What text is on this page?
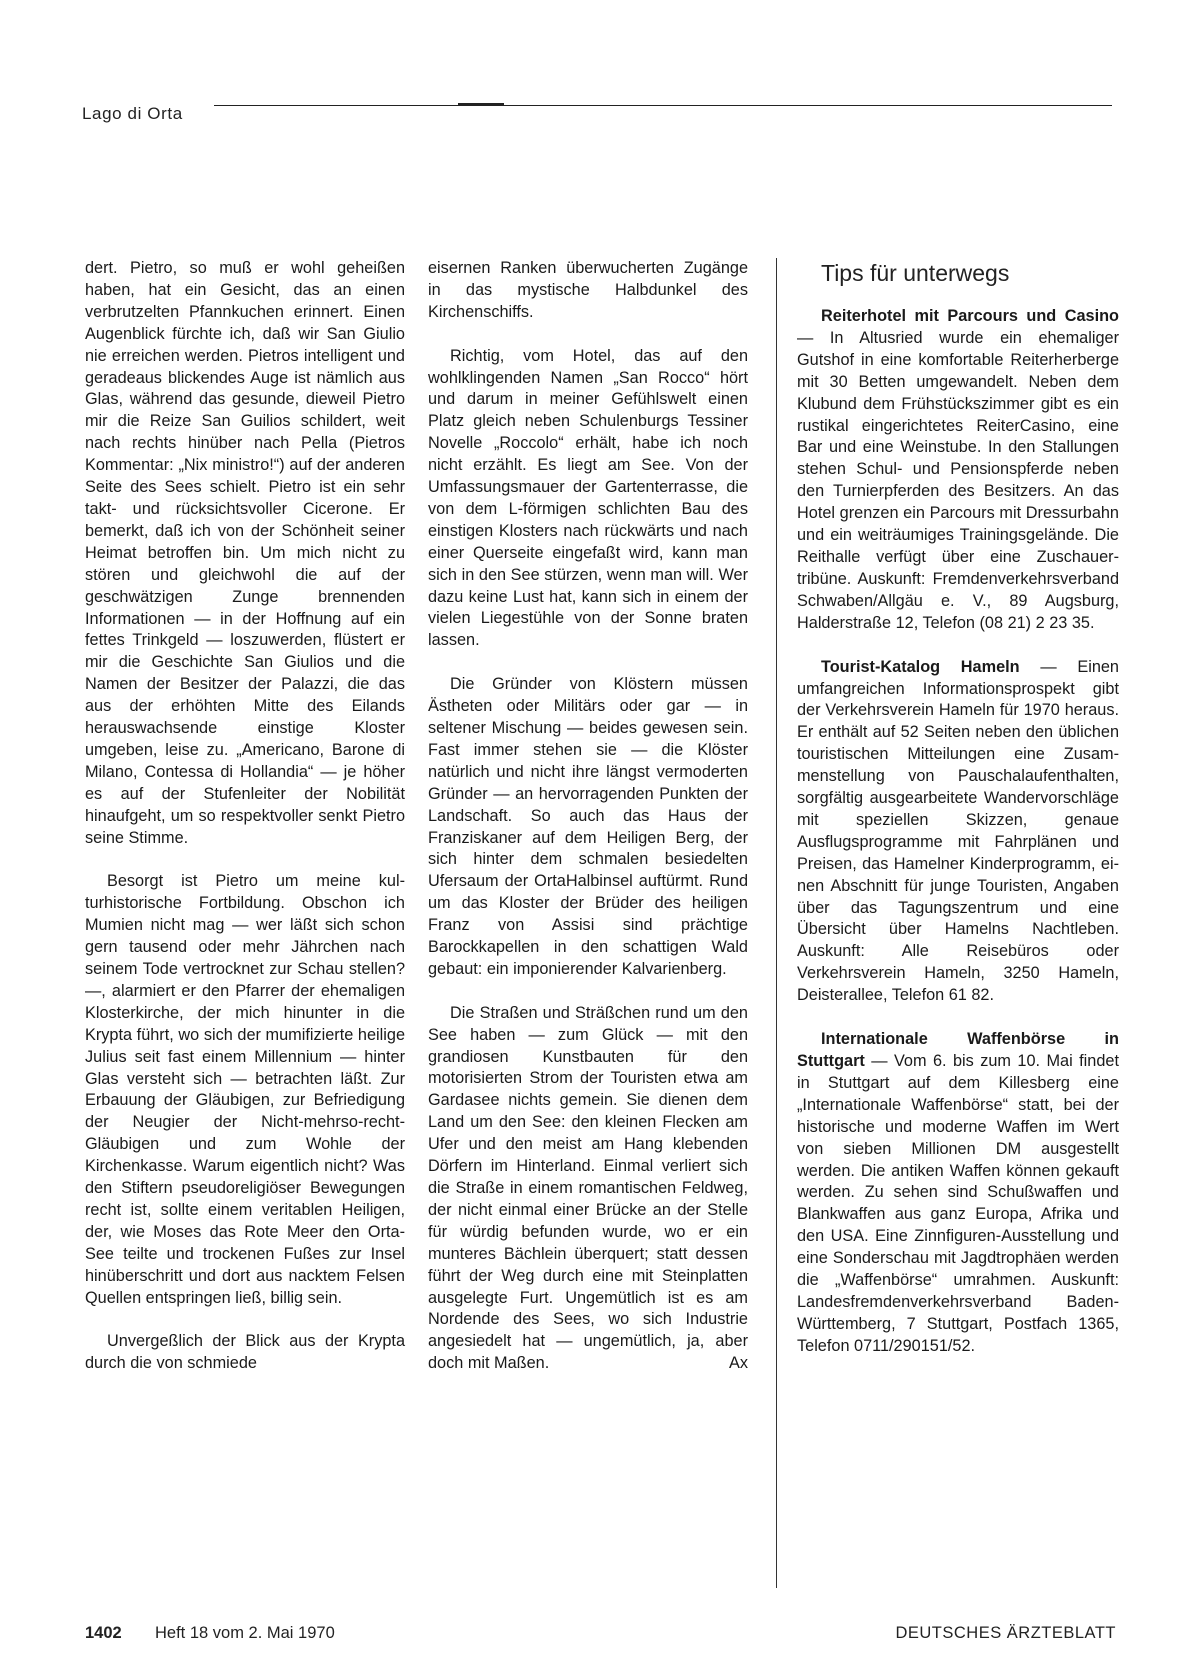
Lago di Orta

dert. Pietro, so muß er wohl geheißen haben, hat ein Gesicht, das an einen verbrutzelten Pfannkuchen erinnert. Einen Augenblick fürchte ich, daß wir San Giulio nie erreichen werden. Pietros intelligent und geradeaus blickendes Auge ist nämlich aus Glas, während das gesunde, dieweil Pietro mir die Reize San Guilios schildert, weit nach rechts hinüber nach Pella (Pietros Kommentar: „Nix ministro!“) auf der anderen Seite des Sees schielt. Pietro ist ein sehr takt- und rücksichtsvoller Cicerone. Er bemerkt, daß ich von der Schönheit seiner Heimat betroffen bin. Um mich nicht zu stören und gleichwohl die auf der geschwätzigen Zunge brennenden Informationen — in der Hoffnung auf ein fettes Trinkgeld — loszuwerden, flüstert er mir die Geschichte San Giulios und die Namen der Besitzer der Palazzi, die das aus der erhöhten Mitte des Eilands herauswachsende einstige Kloster umgeben, leise zu. „Americano, Barone di Milano, Contessa di Hollandia“ — je höher es auf der Stufenleiter der Nobilität hinaufgeht, um so respektvoller senkt Pietro seine Stimme.

Besorgt ist Pietro um meine kulturhistorische Fortbildung. Obschon ich Mumien nicht mag — wer läßt sich schon gern tausend oder mehr Jährchen nach seinem Tode vertrocknet zur Schau stellen? —, alarmiert er den Pfarrer der ehemaligen Klosterkirche, der mich hinunter in die Krypta führt, wo sich der mumifizierte heilige Julius seit fast einem Millennium — hinter Glas versteht sich — betrachten läßt. Zur Erbauung der Gläubigen, zur Befriedigung der Neugier der Nicht-mehrso-recht-Gläubigen und zum Wohle der Kirchenkasse. Warum eigentlich nicht? Was den Stiftern pseudoreligiöser Bewegungen recht ist, sollte einem veritablen Heiligen, der, wie Moses das Rote Meer den Orta-See teilte und trockenen Fußes zur Insel hinüberschritt und dort aus nacktem Felsen Quellen entspringen ließ, billig sein.

Unvergeßlich der Blick aus der Krypta durch die von schmiede

eisernen Ranken überwucherten Zugänge in das mystische Halbdunkel des Kirchenschiffs.

Richtig, vom Hotel, das auf den wohlklingenden Namen „San Rocco“ hört und darum in meiner Gefühlswelt einen Platz gleich neben Schulenburgs Tessiner Novelle „Roccolo“ erhält, habe ich noch nicht erzählt. Es liegt am See. Von der Umfassungsmauer der Gartenterrasse, die von dem L-förmigen schlichten Bau des einstigen Klosters nach rückwärts und nach einer Querseite eingefaßt wird, kann man sich in den See stürzen, wenn man will. Wer dazu keine Lust hat, kann sich in einem der vielen Liegestühle von der Sonne braten lassen.

Die Gründer von Klöstern müssen Ästheten oder Militärs oder gar — in seltener Mischung — beides gewesen sein. Fast immer stehen sie — die Klöster natürlich und nicht ihre längst vermoderten Gründer — an hervorragenden Punkten der Landschaft. So auch das Haus der Franziskaner auf dem Heiligen Berg, der sich hinter dem schmalen besiedelten Ufersaum der OrtaHalbinsel auftürmt. Rund um das Kloster der Brüder des heiligen Franz von Assisi sind prächtige Barockkapellen in den schattigen Wald gebaut: ein imponierender Kalvarienberg.

Die Straßen und Sträßchen rund um den See haben — zum Glück — mit den grandiosen Kunstbauten für den motorisierten Strom der Touristen etwa am Gardasee nichts gemein. Sie dienen dem Land um den See: den kleinen Flecken am Ufer und den meist am Hang klebenden Dörfern im Hinterland. Einmal verliert sich die Straße in einem romantischen Feldweg, der nicht einmal einer Brücke an der Stelle für würdig befunden wurde, wo er ein munteres Bächlein überquert; statt dessen führt der Weg durch eine mit Steinplatten ausgelegte Furt. Ungemütlich ist es am Nordende des Sees, wo sich Industrie angesiedelt hat — ungemütlich, ja, aber doch mit Maßen.	Ax

Tips für unterwegs

Reiterhotel mit Parcours und Casino — In Altusried wurde ein ehemaliger Gutshof in eine komfortable Reiterherberge mit 30 Betten umgewandelt. Neben dem Klubund dem Frühstückszimmer gibt es ein rustikal eingerichtetes ReiterCasino, eine Bar und eine Weinstube. In den Stallungen stehen Schul- und Pensionspferde neben den Turnierpferden des Besitzers. An das Hotel grenzen ein Parcours mit Dressurbahn und ein weiträumiges Trainingsgelände. Die Reithalle verfügt über eine Zuschauertribüne. Auskunft: Fremdenverkehrsverband Schwaben/Allgäu e. V., 89 Augsburg, Halderstraße 12, Telefon (08 21) 2 23 35.

Tourist-Katalog Hameln — Einen umfangreichen Informationsprospekt gibt der Verkehrsverein Hameln für 1970 heraus. Er enthält auf 52 Seiten neben den üblichen touristischen Mitteilungen eine Zusammenstellung von Pauschalaufenthalten, sorgfältig ausgearbeitete Wandervorschläge mit speziellen Skizzen, genaue Ausflugsprogramme mit Fahrplänen und Preisen, das Hamelner Kinderprogramm, einen Abschnitt für junge Touristen, Angaben über das Tagungszentrum und eine Übersicht über Hamelns Nachtleben. Auskunft: Alle Reisebüros oder Verkehrsverein Hameln, 3250 Hameln, Deisterallee, Telefon 61 82.

Internationale Waffenbörse in Stuttgart — Vom 6. bis zum 10. Mai findet in Stuttgart auf dem Killesberg eine „Internationale Waffenbörse“ statt, bei der historische und moderne Waffen im Wert von sieben Millionen DM ausgestellt werden. Die antiken Waffen können gekauft werden. Zu sehen sind Schußwaffen und Blankwaffen aus ganz Europa, Afrika und den USA. Eine Zinnfiguren-Ausstellung und eine Sonderschau mit Jagdtrophäen werden die „Waffenbörse“ umrahmen. Auskunft: Landesfremdenverkehrsverband Baden-Württemberg, 7 Stuttgart, Postfach 1365, Telefon 0711/290151/52.

1402 Heft 18 vom 2. Mai 1970	DEUTSCHES ÄRZTEBLATT
